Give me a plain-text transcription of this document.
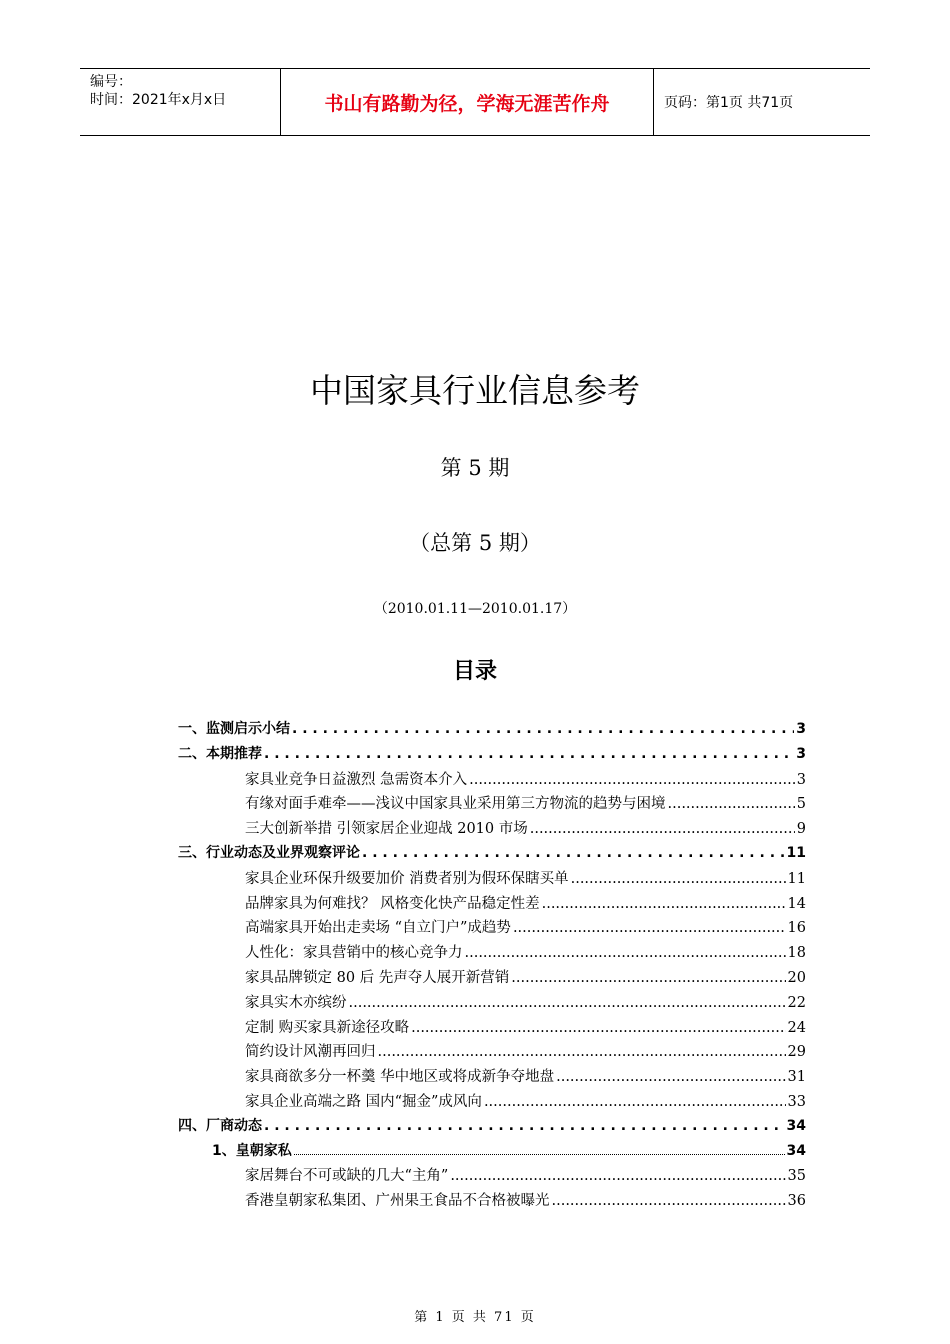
编号：
时间：2021年x月x日	书山有路勤为径，学海无涯苦作舟	页码：第1页 共71页
中国家具行业信息参考
第 5 期
（总第 5 期）
（2010.01.11—2010.01.17）
目录
一、监测启示小结 . . .	3
二、本期推荐 . . .	3
家具业竞争日益激烈 急需资本介入 .....	3
有缘对面手难牵——浅议中国家具业采用第三方物流的趋势与困境 .....	5
三大创新举措 引领家居企业迎战 2010 市场 .....	9
三、行业动态及业界观察评论 . . .	11
家具企业环保升级要加价 消费者别为假环保瞎买单 .....	11
品牌家具为何难找？ 风格变化快产品稳定性差 .....	14
高端家具开始出走卖场 “自立门户”成趋势 .....	16
人性化：家具营销中的核心竞争力 .....	18
家具品牌锁定 80 后 先声夺人展开新营销 .....	20
家具实木亦缤纷 .....	22
定制 购买家具新途径攻略 .....	24
简约设计风潮再回归 .....	29
家具商欲多分一杯羹 华中地区或将成新争夺地盘 .....	31
家具企业高端之路 国内“掘金”成风向 .....	33
四、厂商动态 . . .	34
1、皇朝家私	34
家居舞台不可或缺的几大“主角” .....	35
香港皇朝家私集团、广州果王食品不合格被曝光 .....	36
第 1 页 共 71 页
